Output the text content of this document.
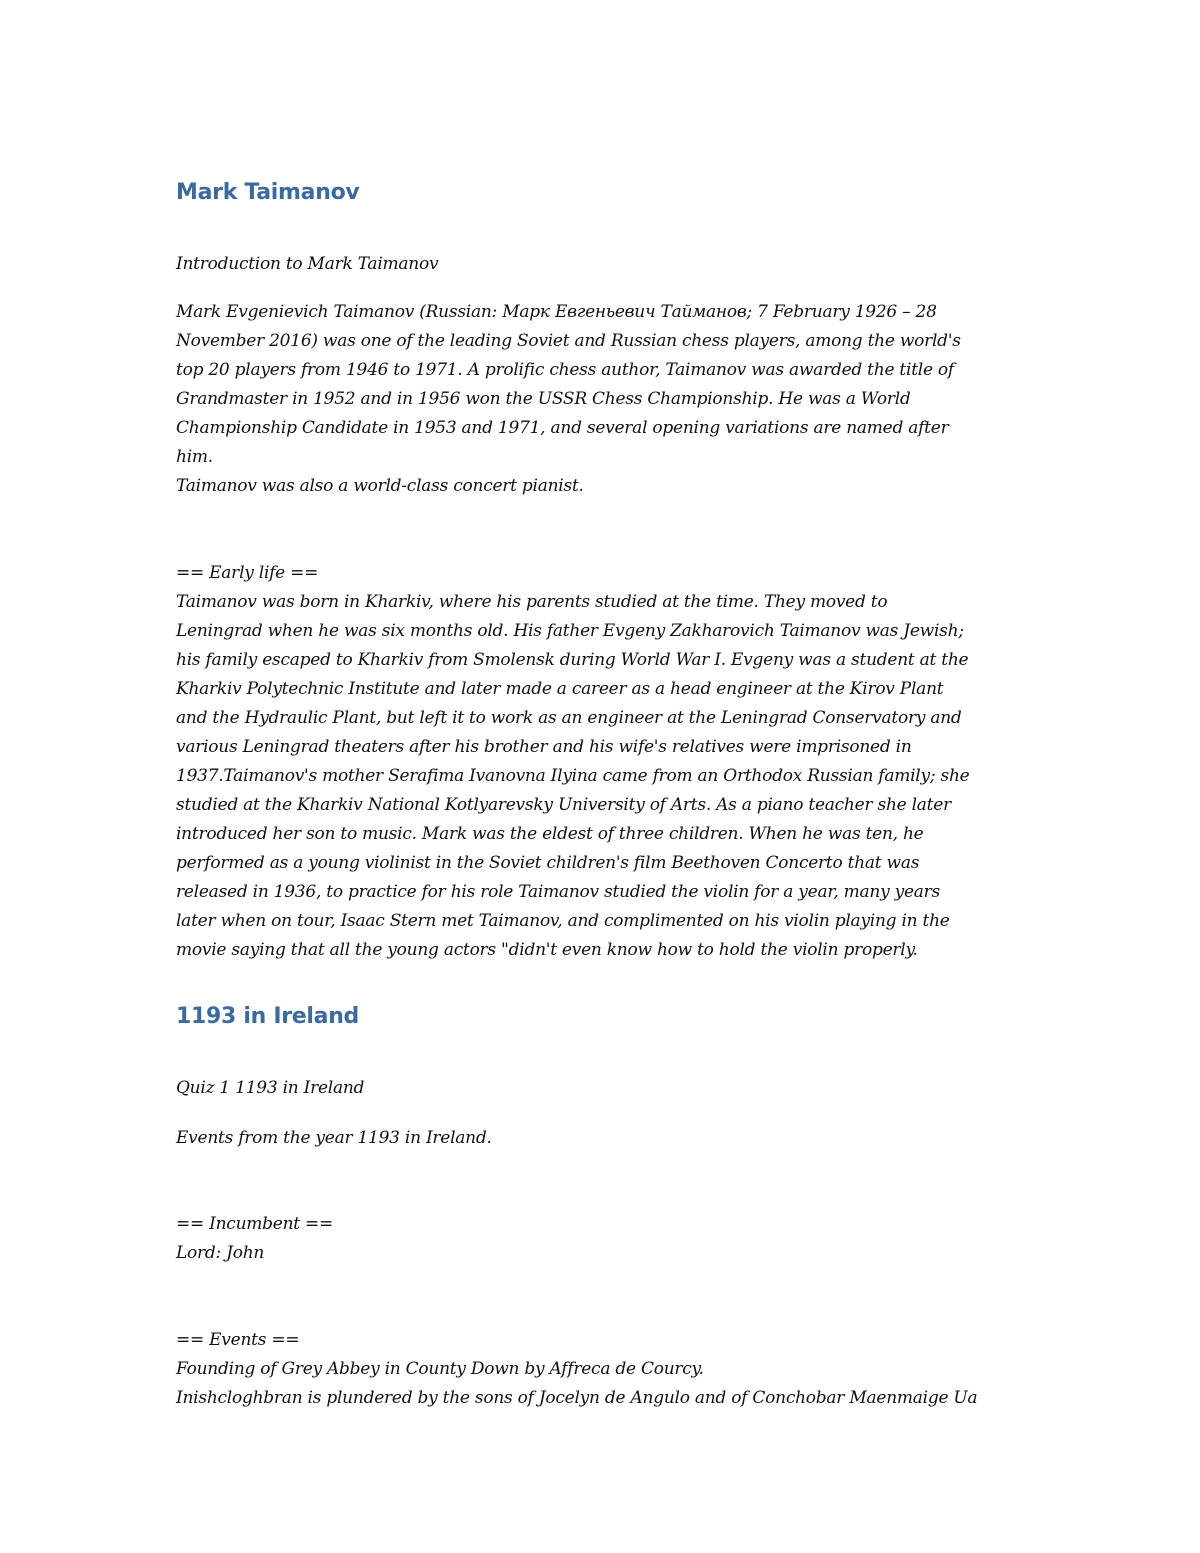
Mark Taimanov

Introduction to Mark Taimanov

Mark Evgenievich Taimanov (Russian: Марк Евгеньевич Тайманов; 7 February 1926 – 28
November 2016) was one of the leading Soviet and Russian chess players, among the world's
top 20 players from 1946 to 1971. A prolific chess author, Taimanov was awarded the title of
Grandmaster in 1952 and in 1956 won the USSR Chess Championship. He was a World
Championship Candidate in 1953 and 1971, and several opening variations are named after
him.
Taimanov was also a world-class concert pianist.

== Early life ==
Taimanov was born in Kharkiv, where his parents studied at the time. They moved to
Leningrad when he was six months old. His father Evgeny Zakharovich Taimanov was Jewish;
his family escaped to Kharkiv from Smolensk during World War I. Evgeny was a student at the
Kharkiv Polytechnic Institute and later made a career as a head engineer at the Kirov Plant
and the Hydraulic Plant, but left it to work as an engineer at the Leningrad Conservatory and
various Leningrad theaters after his brother and his wife's relatives were imprisoned in
1937.Taimanov's mother Serafima Ivanovna Ilyina came from an Orthodox Russian family; she
studied at the Kharkiv National Kotlyarevsky University of Arts. As a piano teacher she later
introduced her son to music. Mark was the eldest of three children. When he was ten, he
performed as a young violinist in the Soviet children's film Beethoven Concerto that was
released in 1936, to practice for his role Taimanov studied the violin for a year, many years
later when on tour, Isaac Stern met Taimanov, and complimented on his violin playing in the
movie saying that all the young actors "didn't even know how to hold the violin properly.

1193 in Ireland

Quiz 1 1193 in Ireland

Events from the year 1193 in Ireland.

== Incumbent ==
Lord: John

== Events ==
Founding of Grey Abbey in County Down by Affreca de Courcy.
Inishcloghbran is plundered by the sons of Jocelyn de Angulo and of Conchobar Maenmaige Ua
